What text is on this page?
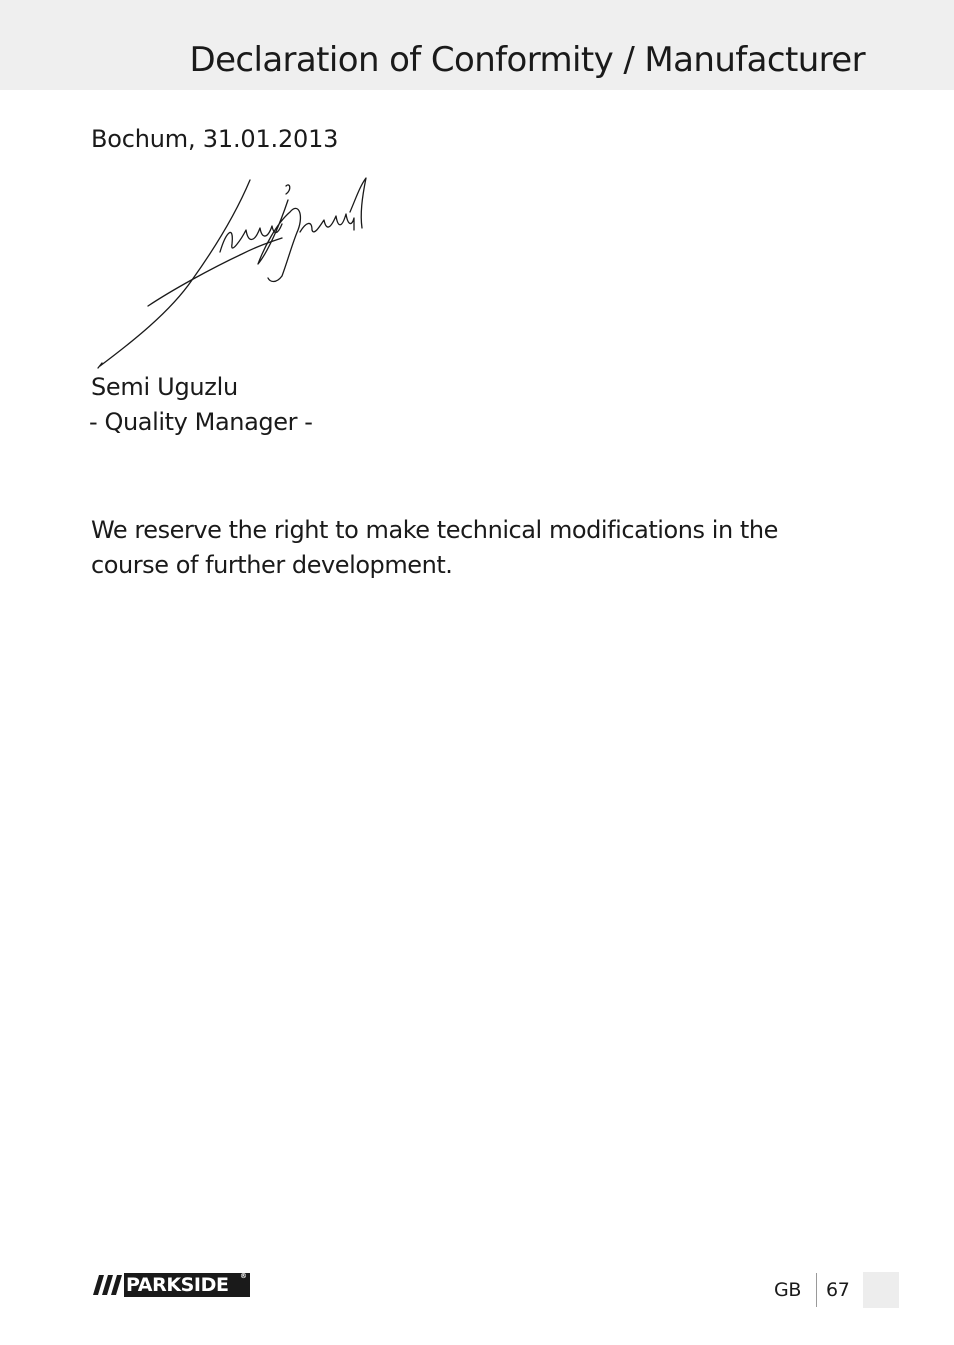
Declaration of Conformity / Manufacturer
Bochum, 31.01.2013
Semi Uguzlu
- Quality Manager -

We reserve the right to make technical modifications in the course of further development.

PARKSIDE ®
GB 67
